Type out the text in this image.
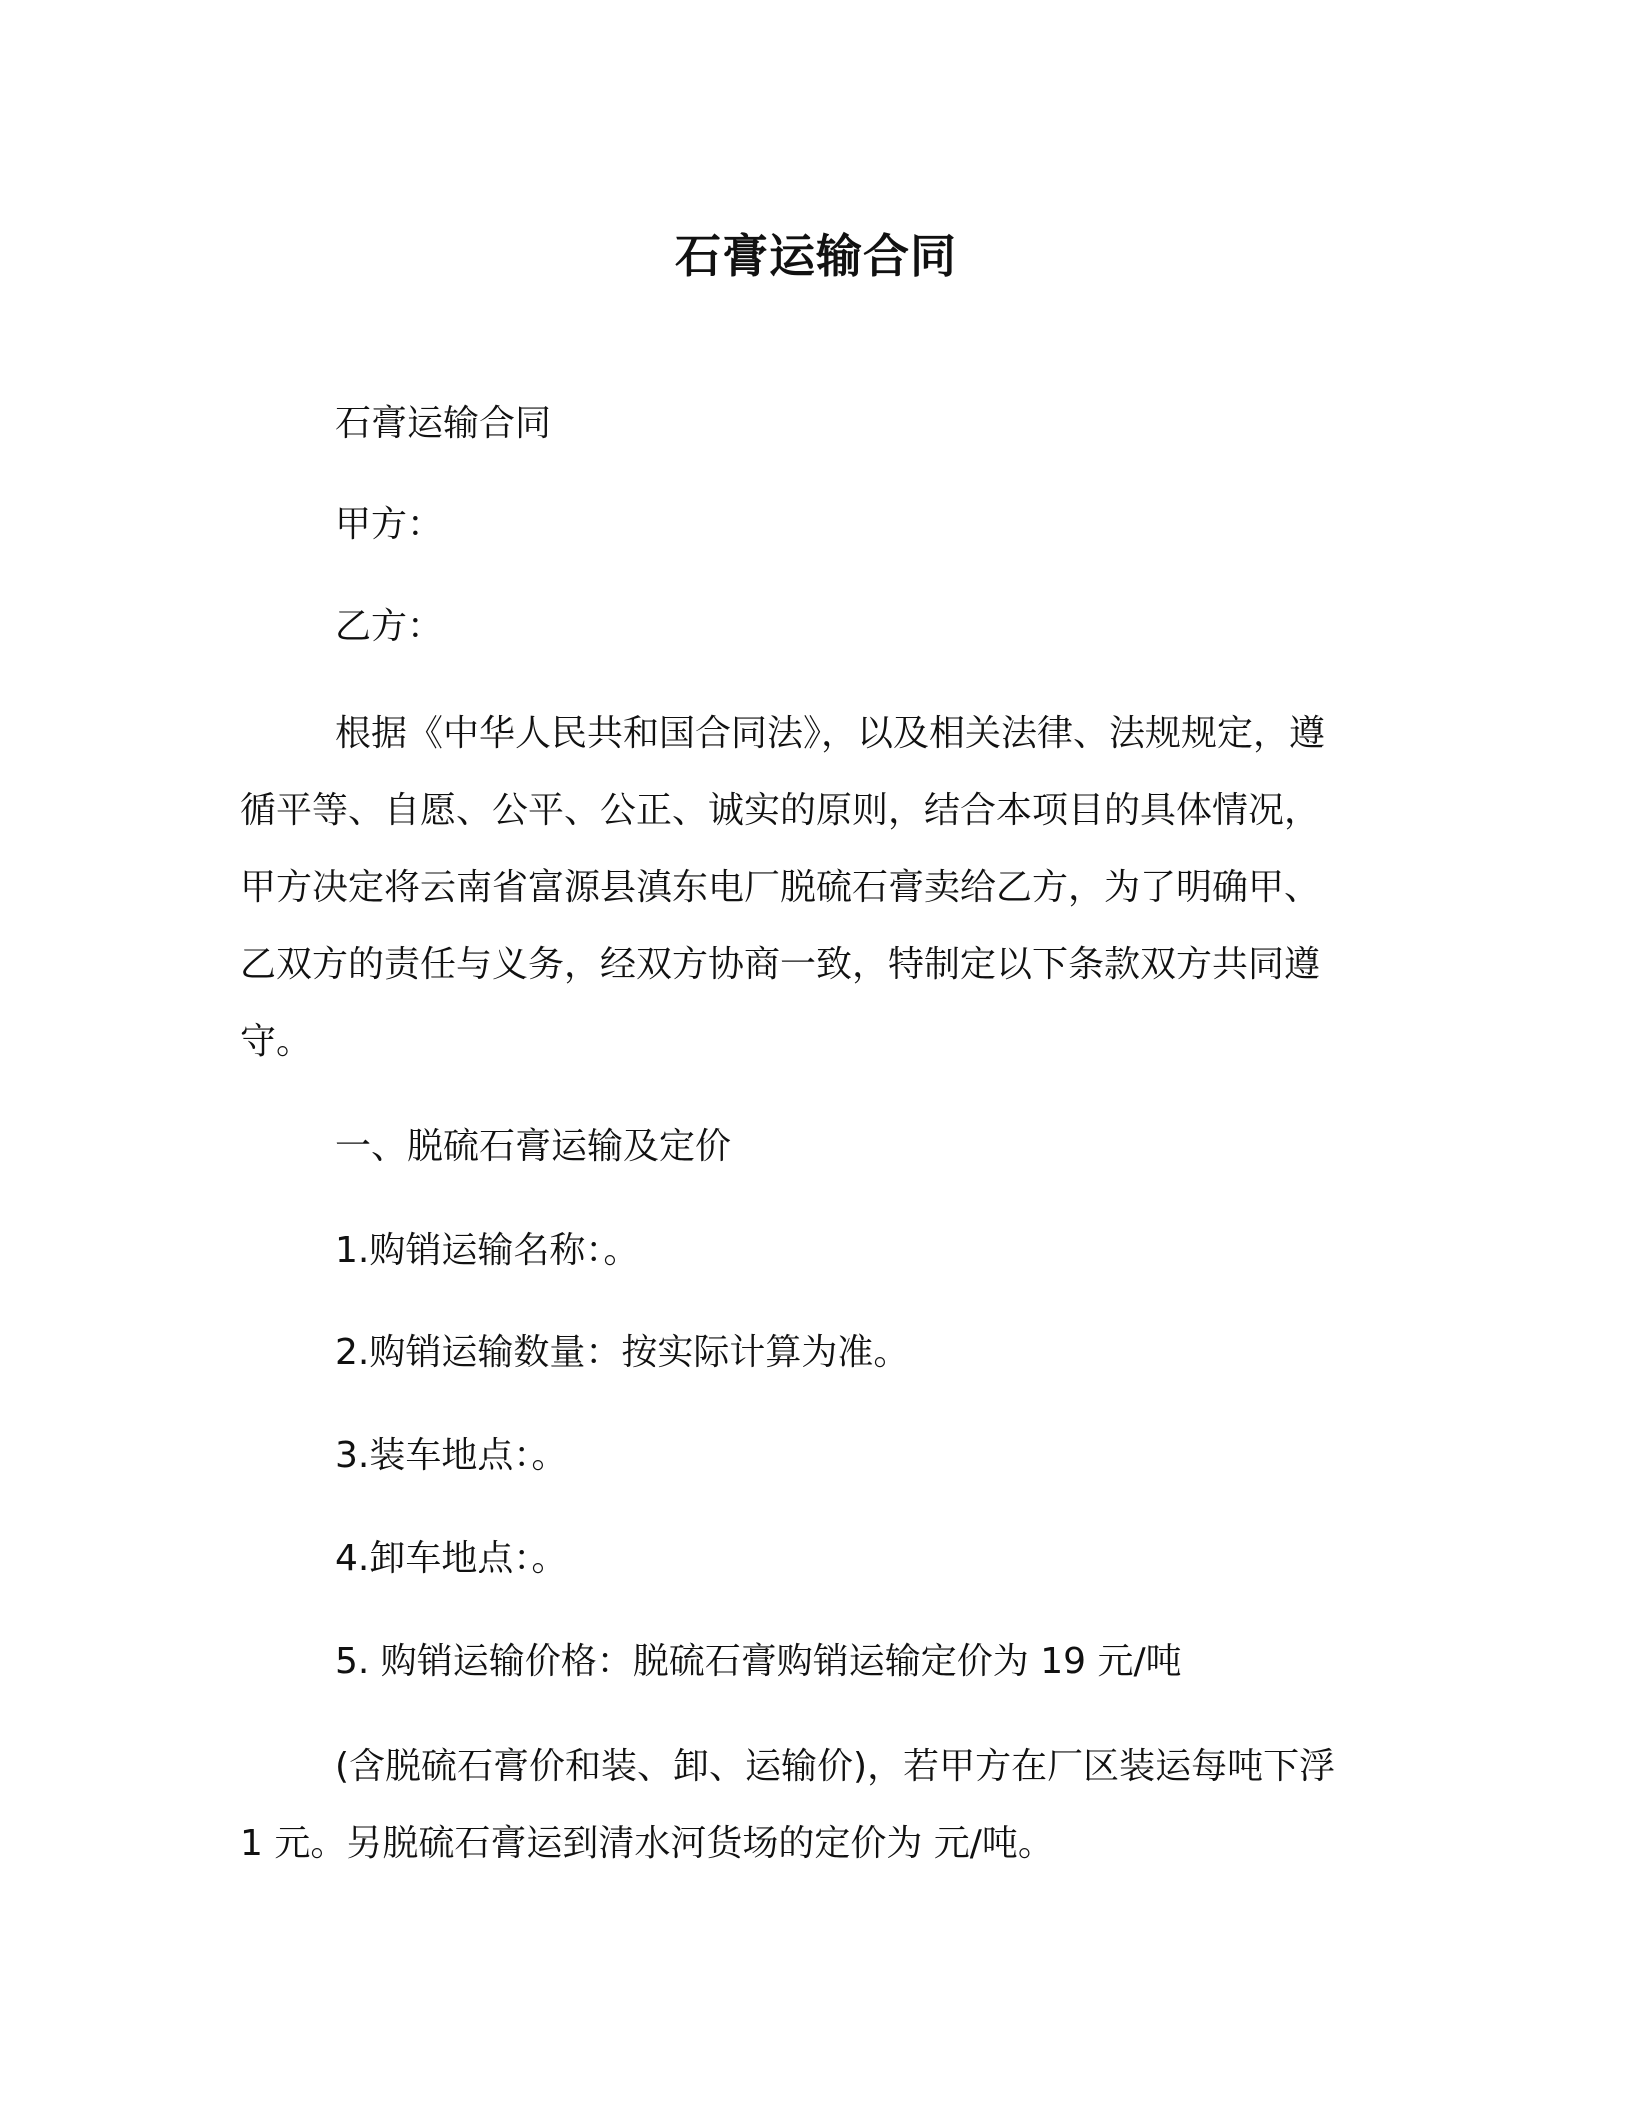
石膏运输合同
石膏运输合同
甲方：
乙方：
根据《中华人民共和国合同法》，以及相关法律、法规规定，遵
循平等、自愿、公平、公正、诚实的原则，结合本项目的具体情况，
甲方决定将云南省富源县滇东电厂脱硫石膏卖给乙方，为了明确甲、
乙双方的责任与义务，经双方协商一致，特制定以下条款双方共同遵
守。
一、脱硫石膏运输及定价
1.购销运输名称：。
2.购销运输数量：按实际计算为准。
3.装车地点：。
4.卸车地点：。
5. 购销运输价格：脱硫石膏购销运输定价为 19 元/吨
(含脱硫石膏价和装、卸、运输价)，若甲方在厂区装运每吨下浮
1 元。另脱硫石膏运到清水河货场的定价为 元/吨。
